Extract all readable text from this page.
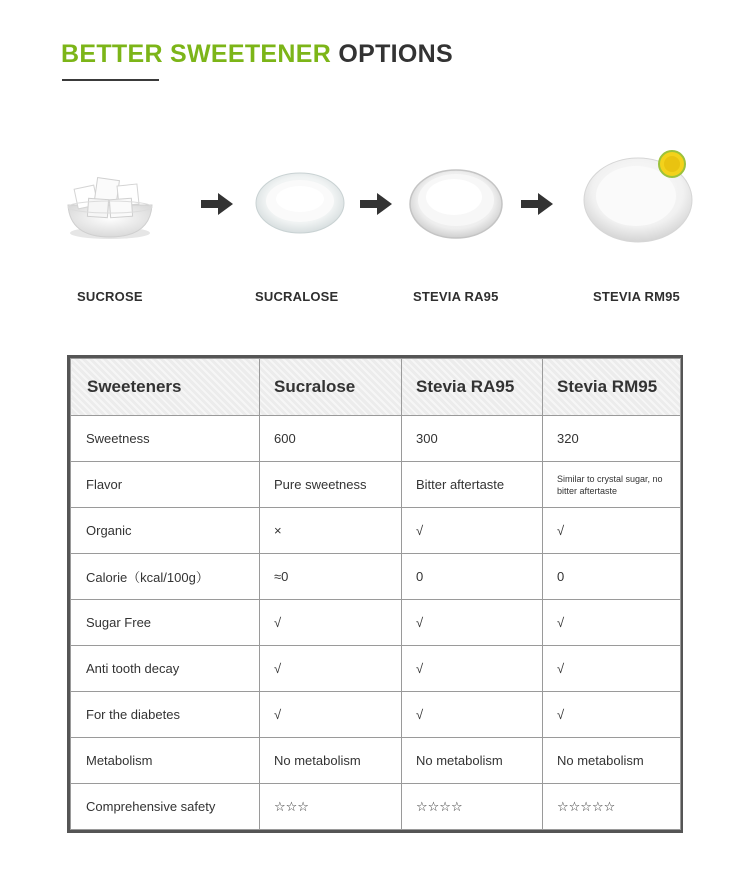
BETTER SWEETENER OPTIONS
SUCROSE	SUCRALOSE	STEVIA RA95	STEVIA RM95
Sweeteners	Sucralose	Stevia RA95	Stevia RM95
Sweetness	600	300	320
Flavor	Pure sweetness	Bitter aftertaste	Similar to crystal sugar, no bitter aftertaste
Organic	×	√	√
Calorie（kcal/100g）	≈0	0	0
Sugar Free	√	√	√
Anti tooth decay	√	√	√
For the diabetes	√	√	√
Metabolism	No metabolism	No metabolism	No metabolism
Comprehensive safety	☆☆☆	☆☆☆☆	☆☆☆☆☆
